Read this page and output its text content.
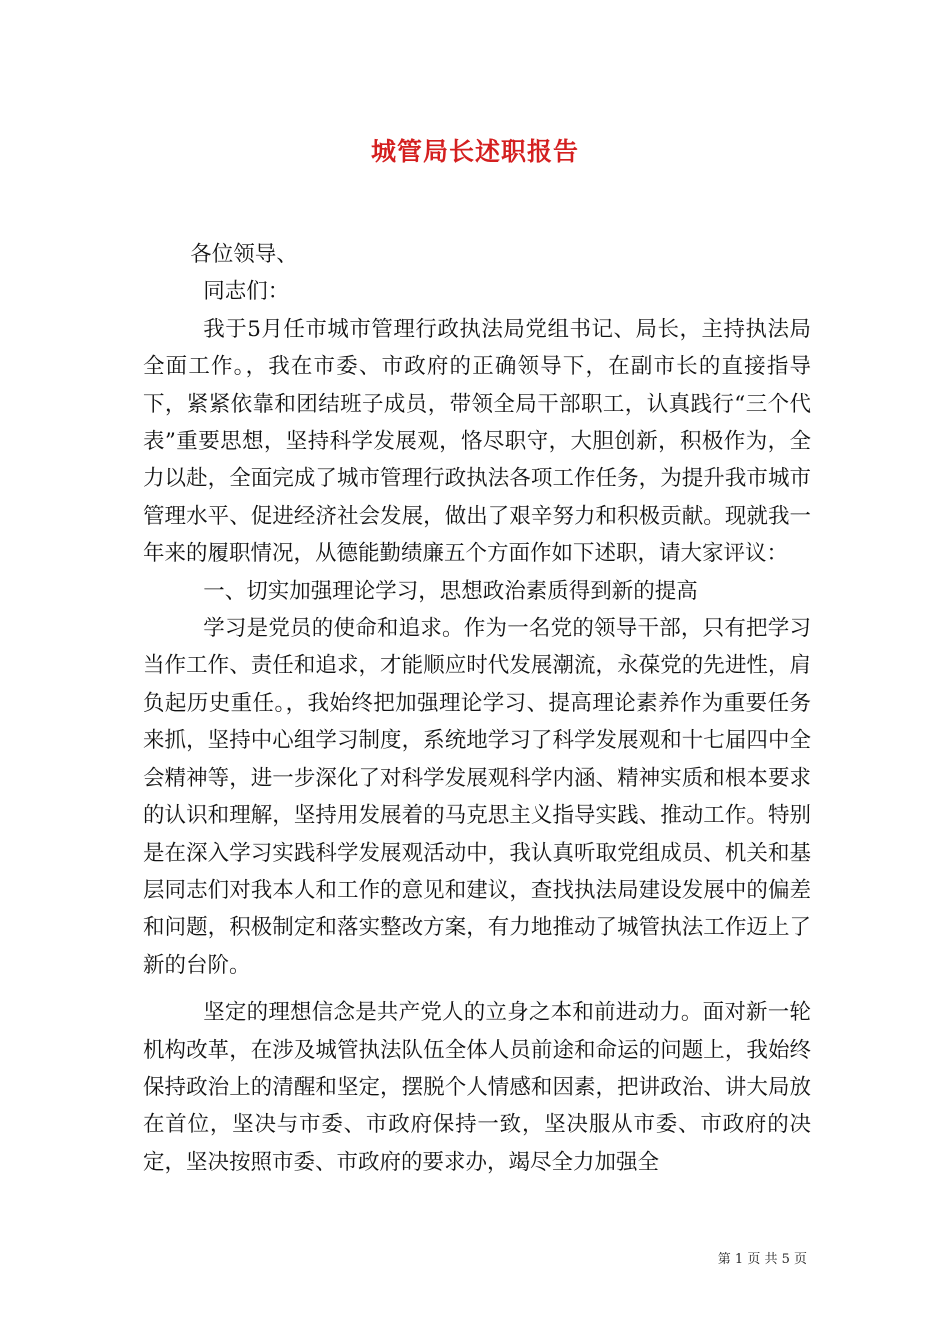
城管局长述职报告

各位领导、

同志们：

我于5月任市城市管理行政执法局党组书记、局长，主持执法局全面工作。，我在市委、市政府的正确领导下，在副市长的直接指导下，紧紧依靠和团结班子成员，带领全局干部职工，认真践行“三个代表”重要思想，坚持科学发展观，恪尽职守，大胆创新，积极作为，全力以赴，全面完成了城市管理行政执法各项工作任务，为提升我市城市管理水平、促进经济社会发展，做出了艰辛努力和积极贡献。现就我一年来的履职情况，从德能勤绩廉五个方面作如下述职，请大家评议：

一、切实加强理论学习，思想政治素质得到新的提高

学习是党员的使命和追求。作为一名党的领导干部，只有把学习当作工作、责任和追求，才能顺应时代发展潮流，永葆党的先进性，肩负起历史重任。，我始终把加强理论学习、提高理论素养作为重要任务来抓，坚持中心组学习制度，系统地学习了科学发展观和十七届四中全会精神等，进一步深化了对科学发展观科学内涵、精神实质和根本要求的认识和理解，坚持用发展着的马克思主义指导实践、推动工作。特别是在深入学习实践科学发展观活动中，我认真听取党组成员、机关和基层同志们对我本人和工作的意见和建议，查找执法局建设发展中的偏差和问题，积极制定和落实整改方案，有力地推动了城管执法工作迈上了新的台阶。

坚定的理想信念是共产党人的立身之本和前进动力。面对新一轮机构改革，在涉及城管执法队伍全体人员前途和命运的问题上，我始终保持政治上的清醒和坚定，摆脱个人情感和因素，把讲政治、讲大局放在首位，坚决与市委、市政府保持一致，坚决服从市委、市政府的决定，坚决按照市委、市政府的要求办，竭尽全力加强全

第 1 页 共 5 页
